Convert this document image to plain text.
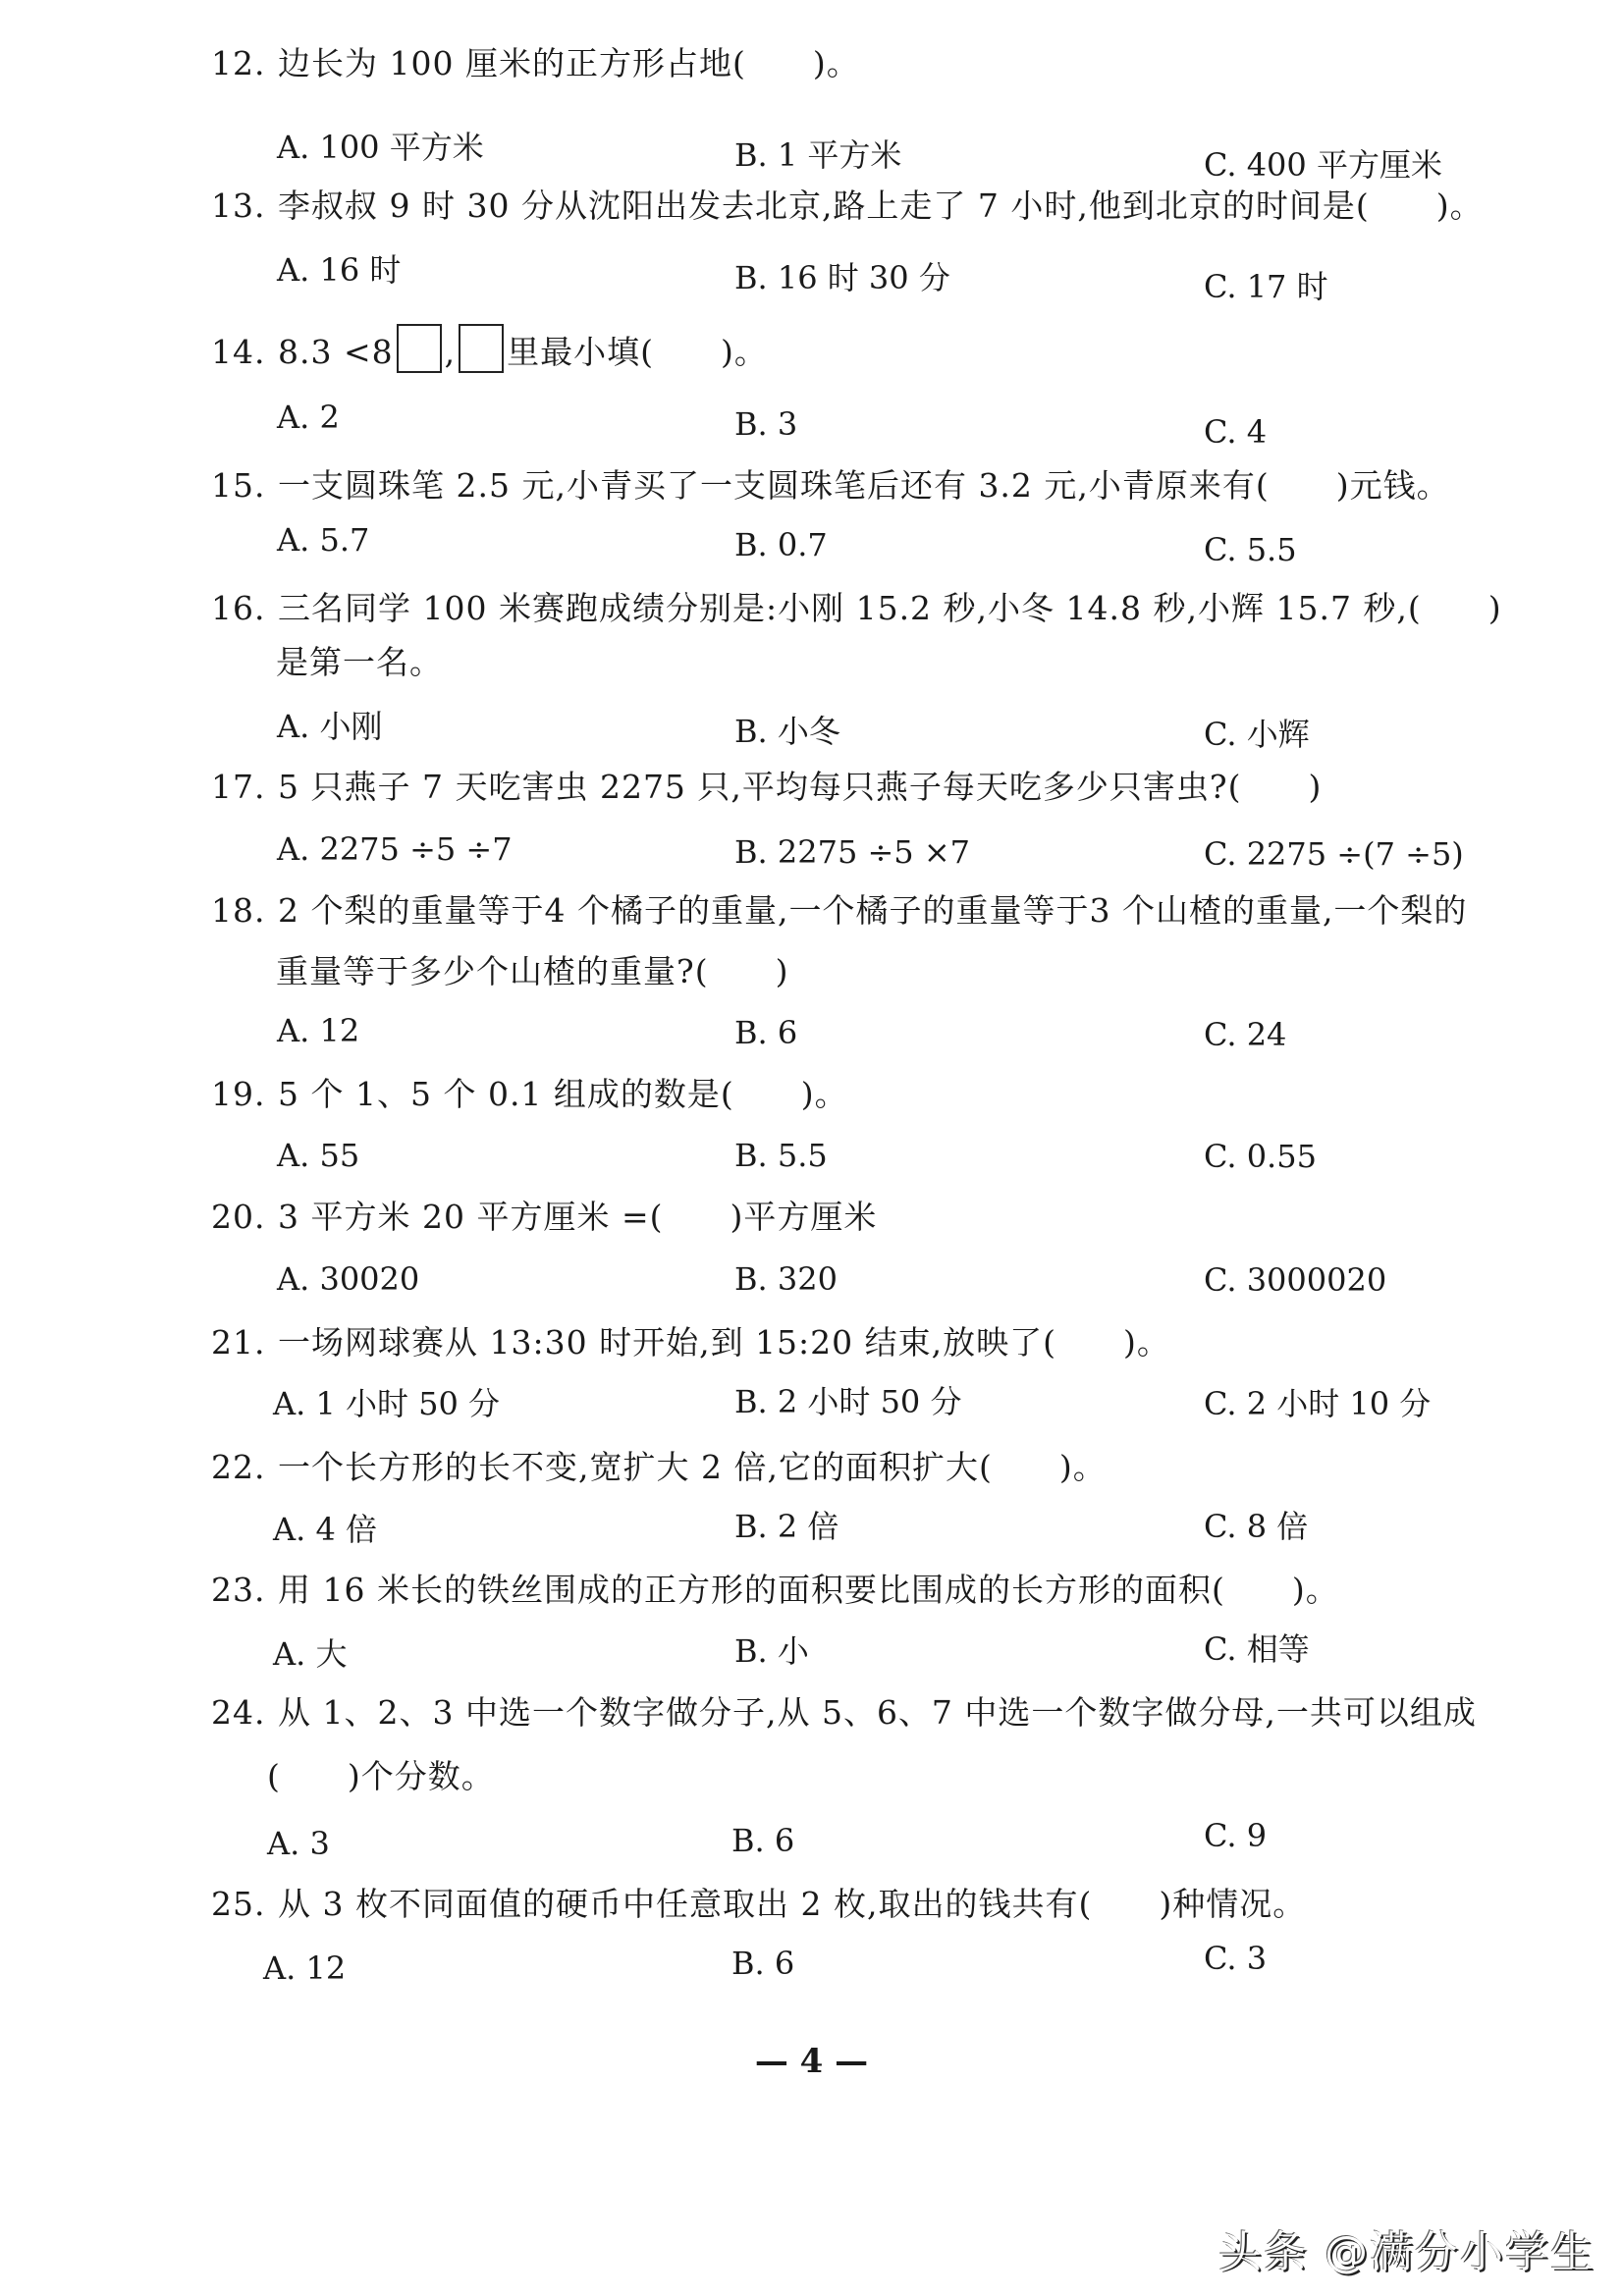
12. 边长为 100 厘米的正方形占地(　　)。
A. 100 平方米	B. 1 平方米	C. 400 平方厘米
13. 李叔叔 9 时 30 分从沈阳出发去北京,路上走了 7 小时,他到北京的时间是(　　)。
A. 16 时	B. 16 时 30 分	C. 17 时
14. 8.3 <8 , 里最小填(　　)。
A. 2	B. 3	C. 4
15. 一支圆珠笔 2.5 元,小青买了一支圆珠笔后还有 3.2 元,小青原来有(　　)元钱。
A. 5.7	B. 0.7	C. 5.5
16. 三名同学 100 米赛跑成绩分别是:小刚 15.2 秒,小冬 14.8 秒,小辉 15.7 秒,(　　)
是第一名。
A. 小刚	B. 小冬	C. 小辉
17. 5 只燕子 7 天吃害虫 2275 只,平均每只燕子每天吃多少只害虫?(　　)
A. 2275 ÷5 ÷7	B. 2275 ÷5 ×7	C. 2275 ÷(7 ÷5)
18. 2 个梨的重量等于4 个橘子的重量,一个橘子的重量等于3 个山楂的重量,一个梨的
重量等于多少个山楂的重量?(　　)
A. 12	B. 6	C. 24
19. 5 个 1、5 个 0.1 组成的数是(　　)。
A. 55	B. 5.5	C. 0.55
20. 3 平方米 20 平方厘米 =(　　)平方厘米
A. 30020	B. 320	C. 3000020
21. 一场网球赛从 13:30 时开始,到 15:20 结束,放映了(　　)。
A. 1 小时 50 分	B. 2 小时 50 分	C. 2 小时 10 分
22. 一个长方形的长不变,宽扩大 2 倍,它的面积扩大(　　)。
A. 4 倍	B. 2 倍	C. 8 倍
23. 用 16 米长的铁丝围成的正方形的面积要比围成的长方形的面积(　　)。
A. 大	B. 小	C. 相等
24. 从 1、2、3 中选一个数字做分子,从 5、6、7 中选一个数字做分母,一共可以组成
(　　)个分数。
A. 3	B. 6	C. 9
25. 从 3 枚不同面值的硬币中任意取出 2 枚,取出的钱共有(　　)种情况。
A. 12	B. 6	C. 3
— 4 —
头条 @满分小学生
